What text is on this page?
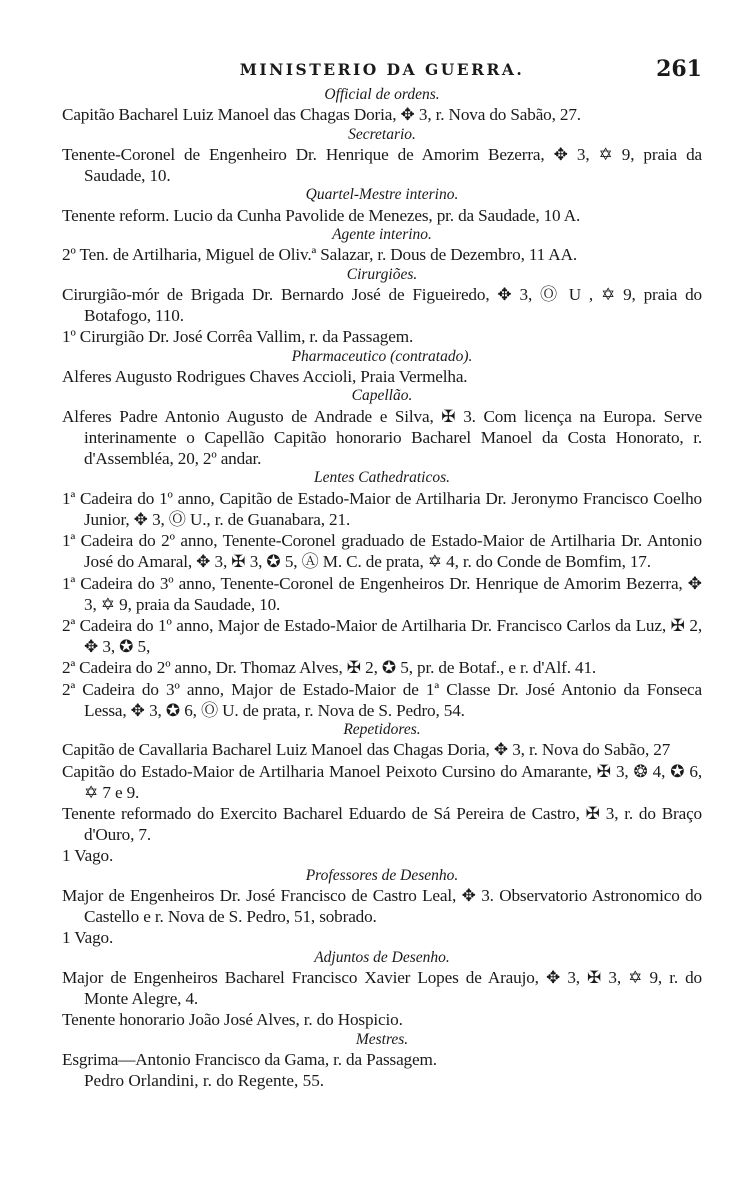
MINISTERIO DA GUERRA.	261
Official de ordens.
Capitão Bacharel Luiz Manoel das Chagas Doria, ✥ 3, r. Nova do Sabão, 27.
Secretario.
Tenente-Coronel de Engenheiro Dr. Henrique de Amorim Bezerra, ✥ 3, ✡ 9, praia da Saudade, 10.
Quartel-Mestre interino.
Tenente reform. Lucio da Cunha Pavolide de Menezes, pr. da Saudade, 10 A.
Agente interino.
2º Ten. de Artilharia, Miguel de Oliv.ª Salazar, r. Dous de Dezembro, 11 AA.
Cirurgiões.
Cirurgião-mór de Brigada Dr. Bernardo José de Figueiredo, ✥ 3, Ⓞ U , ✡ 9, praia do Botafogo, 110.
1º Cirurgião Dr. José Corrêa Vallim, r. da Passagem.
Pharmaceutico (contratado).
Alferes Augusto Rodrigues Chaves Accioli, Praia Vermelha.
Capellão.
Alferes Padre Antonio Augusto de Andrade e Silva, ✠ 3. Com licença na Europa. Serve interinamente o Capellão Capitão honorario Bacharel Manoel da Costa Honorato, r. d'Assembléa, 20, 2º andar.
Lentes Cathedraticos.
1ª Cadeira do 1º anno, Capitão de Estado-Maior de Artilharia Dr. Jeronymo Francisco Coelho Junior, ✥ 3, Ⓞ U., r. de Guanabara, 21.
1ª Cadeira do 2º anno, Tenente-Coronel graduado de Estado-Maior de Artilharia Dr. Antonio José do Amaral, ✥ 3, ✠ 3, ✪ 5, Ⓐ M. C. de prata, ✡ 4, r. do Conde de Bomfim, 17.
1ª Cadeira do 3º anno, Tenente-Coronel de Engenheiros Dr. Henrique de Amorim Bezerra, ✥ 3, ✡ 9, praia da Saudade, 10.
2ª Cadeira do 1º anno, Major de Estado-Maior de Artilharia Dr. Francisco Carlos da Luz, ✠ 2, ✥ 3, ✪ 5,
2ª Cadeira do 2º anno, Dr. Thomaz Alves, ✠ 2, ✪ 5, pr. de Botaf., e r. d'Alf. 41.
2ª Cadeira do 3º anno, Major de Estado-Maior de 1ª Classe Dr. José Antonio da Fonseca Lessa, ✥ 3, ✪ 6, Ⓞ U. de prata, r. Nova de S. Pedro, 54.
Repetidores.
Capitão de Cavallaria Bacharel Luiz Manoel das Chagas Doria, ✥ 3, r. Nova do Sabão, 27
Capitão do Estado-Maior de Artilharia Manoel Peixoto Cursino do Amarante, ✠ 3, ❂ 4, ✪ 6, ✡ 7 e 9.
Tenente reformado do Exercito Bacharel Eduardo de Sá Pereira de Castro, ✠ 3, r. do Braço d'Ouro, 7.
1 Vago.
Professores de Desenho.
Major de Engenheiros Dr. José Francisco de Castro Leal, ✥ 3. Observatorio Astronomico do Castello e r. Nova de S. Pedro, 51, sobrado.
1 Vago.
Adjuntos de Desenho.
Major de Engenheiros Bacharel Francisco Xavier Lopes de Araujo, ✥ 3, ✠ 3, ✡ 9, r. do Monte Alegre, 4.
Tenente honorario João José Alves, r. do Hospicio.
Mestres.
Esgrima—Antonio Francisco da Gama, r. da Passagem.
Pedro Orlandini, r. do Regente, 55.
